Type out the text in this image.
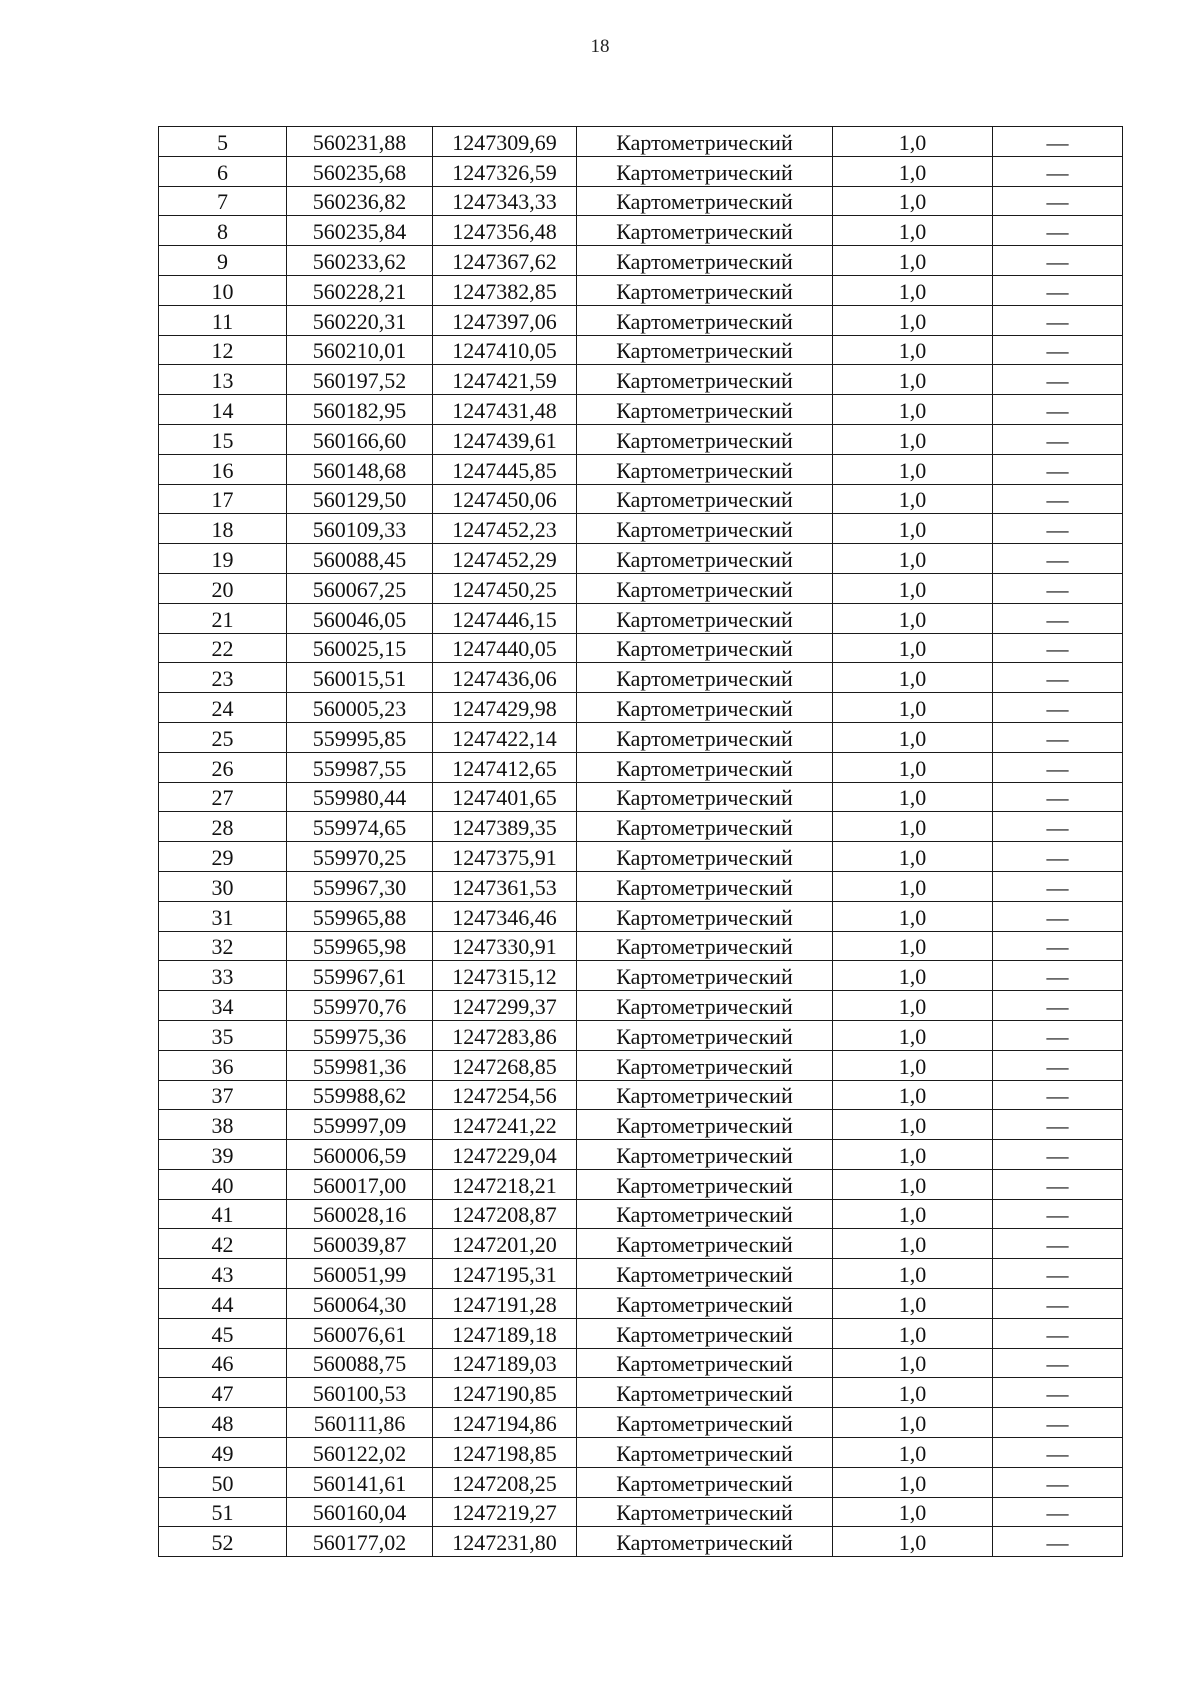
18
5	560231,88	1247309,69	Картометрический	1,0	—
6	560235,68	1247326,59	Картометрический	1,0	—
7	560236,82	1247343,33	Картометрический	1,0	—
8	560235,84	1247356,48	Картометрический	1,0	—
9	560233,62	1247367,62	Картометрический	1,0	—
10	560228,21	1247382,85	Картометрический	1,0	—
11	560220,31	1247397,06	Картометрический	1,0	—
12	560210,01	1247410,05	Картометрический	1,0	—
13	560197,52	1247421,59	Картометрический	1,0	—
14	560182,95	1247431,48	Картометрический	1,0	—
15	560166,60	1247439,61	Картометрический	1,0	—
16	560148,68	1247445,85	Картометрический	1,0	—
17	560129,50	1247450,06	Картометрический	1,0	—
18	560109,33	1247452,23	Картометрический	1,0	—
19	560088,45	1247452,29	Картометрический	1,0	—
20	560067,25	1247450,25	Картометрический	1,0	—
21	560046,05	1247446,15	Картометрический	1,0	—
22	560025,15	1247440,05	Картометрический	1,0	—
23	560015,51	1247436,06	Картометрический	1,0	—
24	560005,23	1247429,98	Картометрический	1,0	—
25	559995,85	1247422,14	Картометрический	1,0	—
26	559987,55	1247412,65	Картометрический	1,0	—
27	559980,44	1247401,65	Картометрический	1,0	—
28	559974,65	1247389,35	Картометрический	1,0	—
29	559970,25	1247375,91	Картометрический	1,0	—
30	559967,30	1247361,53	Картометрический	1,0	—
31	559965,88	1247346,46	Картометрический	1,0	—
32	559965,98	1247330,91	Картометрический	1,0	—
33	559967,61	1247315,12	Картометрический	1,0	—
34	559970,76	1247299,37	Картометрический	1,0	—
35	559975,36	1247283,86	Картометрический	1,0	—
36	559981,36	1247268,85	Картометрический	1,0	—
37	559988,62	1247254,56	Картометрический	1,0	—
38	559997,09	1247241,22	Картометрический	1,0	—
39	560006,59	1247229,04	Картометрический	1,0	—
40	560017,00	1247218,21	Картометрический	1,0	—
41	560028,16	1247208,87	Картометрический	1,0	—
42	560039,87	1247201,20	Картометрический	1,0	—
43	560051,99	1247195,31	Картометрический	1,0	—
44	560064,30	1247191,28	Картометрический	1,0	—
45	560076,61	1247189,18	Картометрический	1,0	—
46	560088,75	1247189,03	Картометрический	1,0	—
47	560100,53	1247190,85	Картометрический	1,0	—
48	560111,86	1247194,86	Картометрический	1,0	—
49	560122,02	1247198,85	Картометрический	1,0	—
50	560141,61	1247208,25	Картометрический	1,0	—
51	560160,04	1247219,27	Картометрический	1,0	—
52	560177,02	1247231,80	Картометрический	1,0	—
